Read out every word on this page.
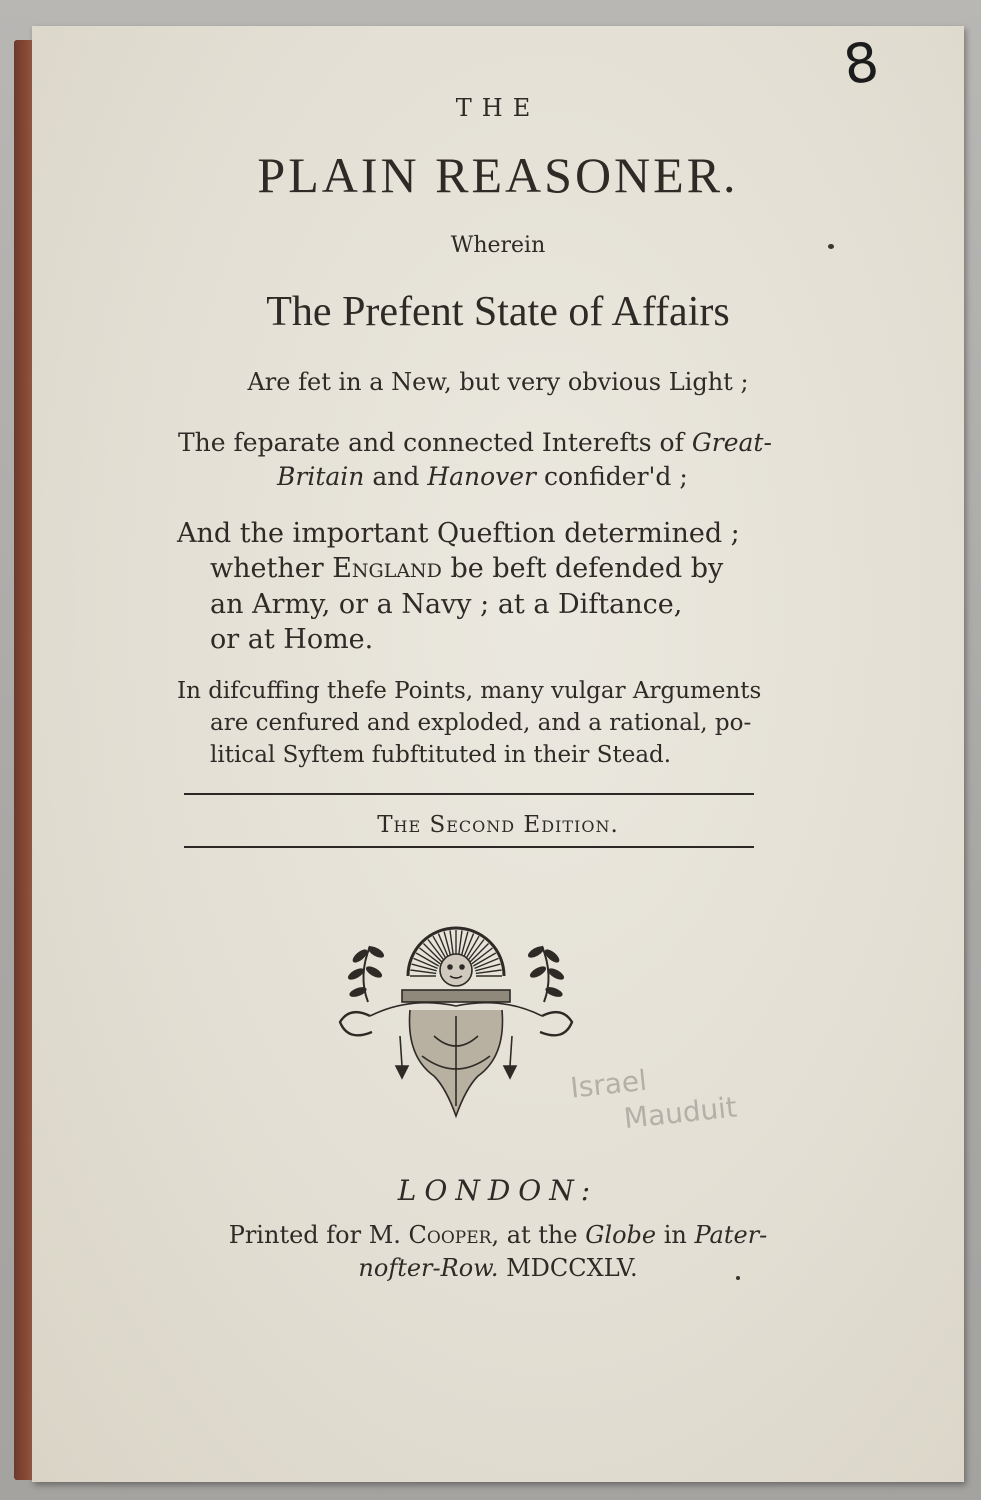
8
THE
PLAIN REASONER.
Wherein
The Prefent State of Affairs
Are fet in a New, but very obvious Light ;
The feparate and connected Interefts of Great-
Britain and Hanover confider'd ;
And the important Queftion determined ;
whether England be beft defended by
an Army, or a Navy ; at a Diftance,
or at Home.
In difcuffing thefe Points, many vulgar Arguments
are cenfured and exploded, and a rational, po-
litical Syftem fubftituted in their Stead.
The Second Edition.
Israel
Mauduit
LONDON:
Printed for M. Cooper, at the Globe in Pater-
nofter-Row. MDCCXLV.
